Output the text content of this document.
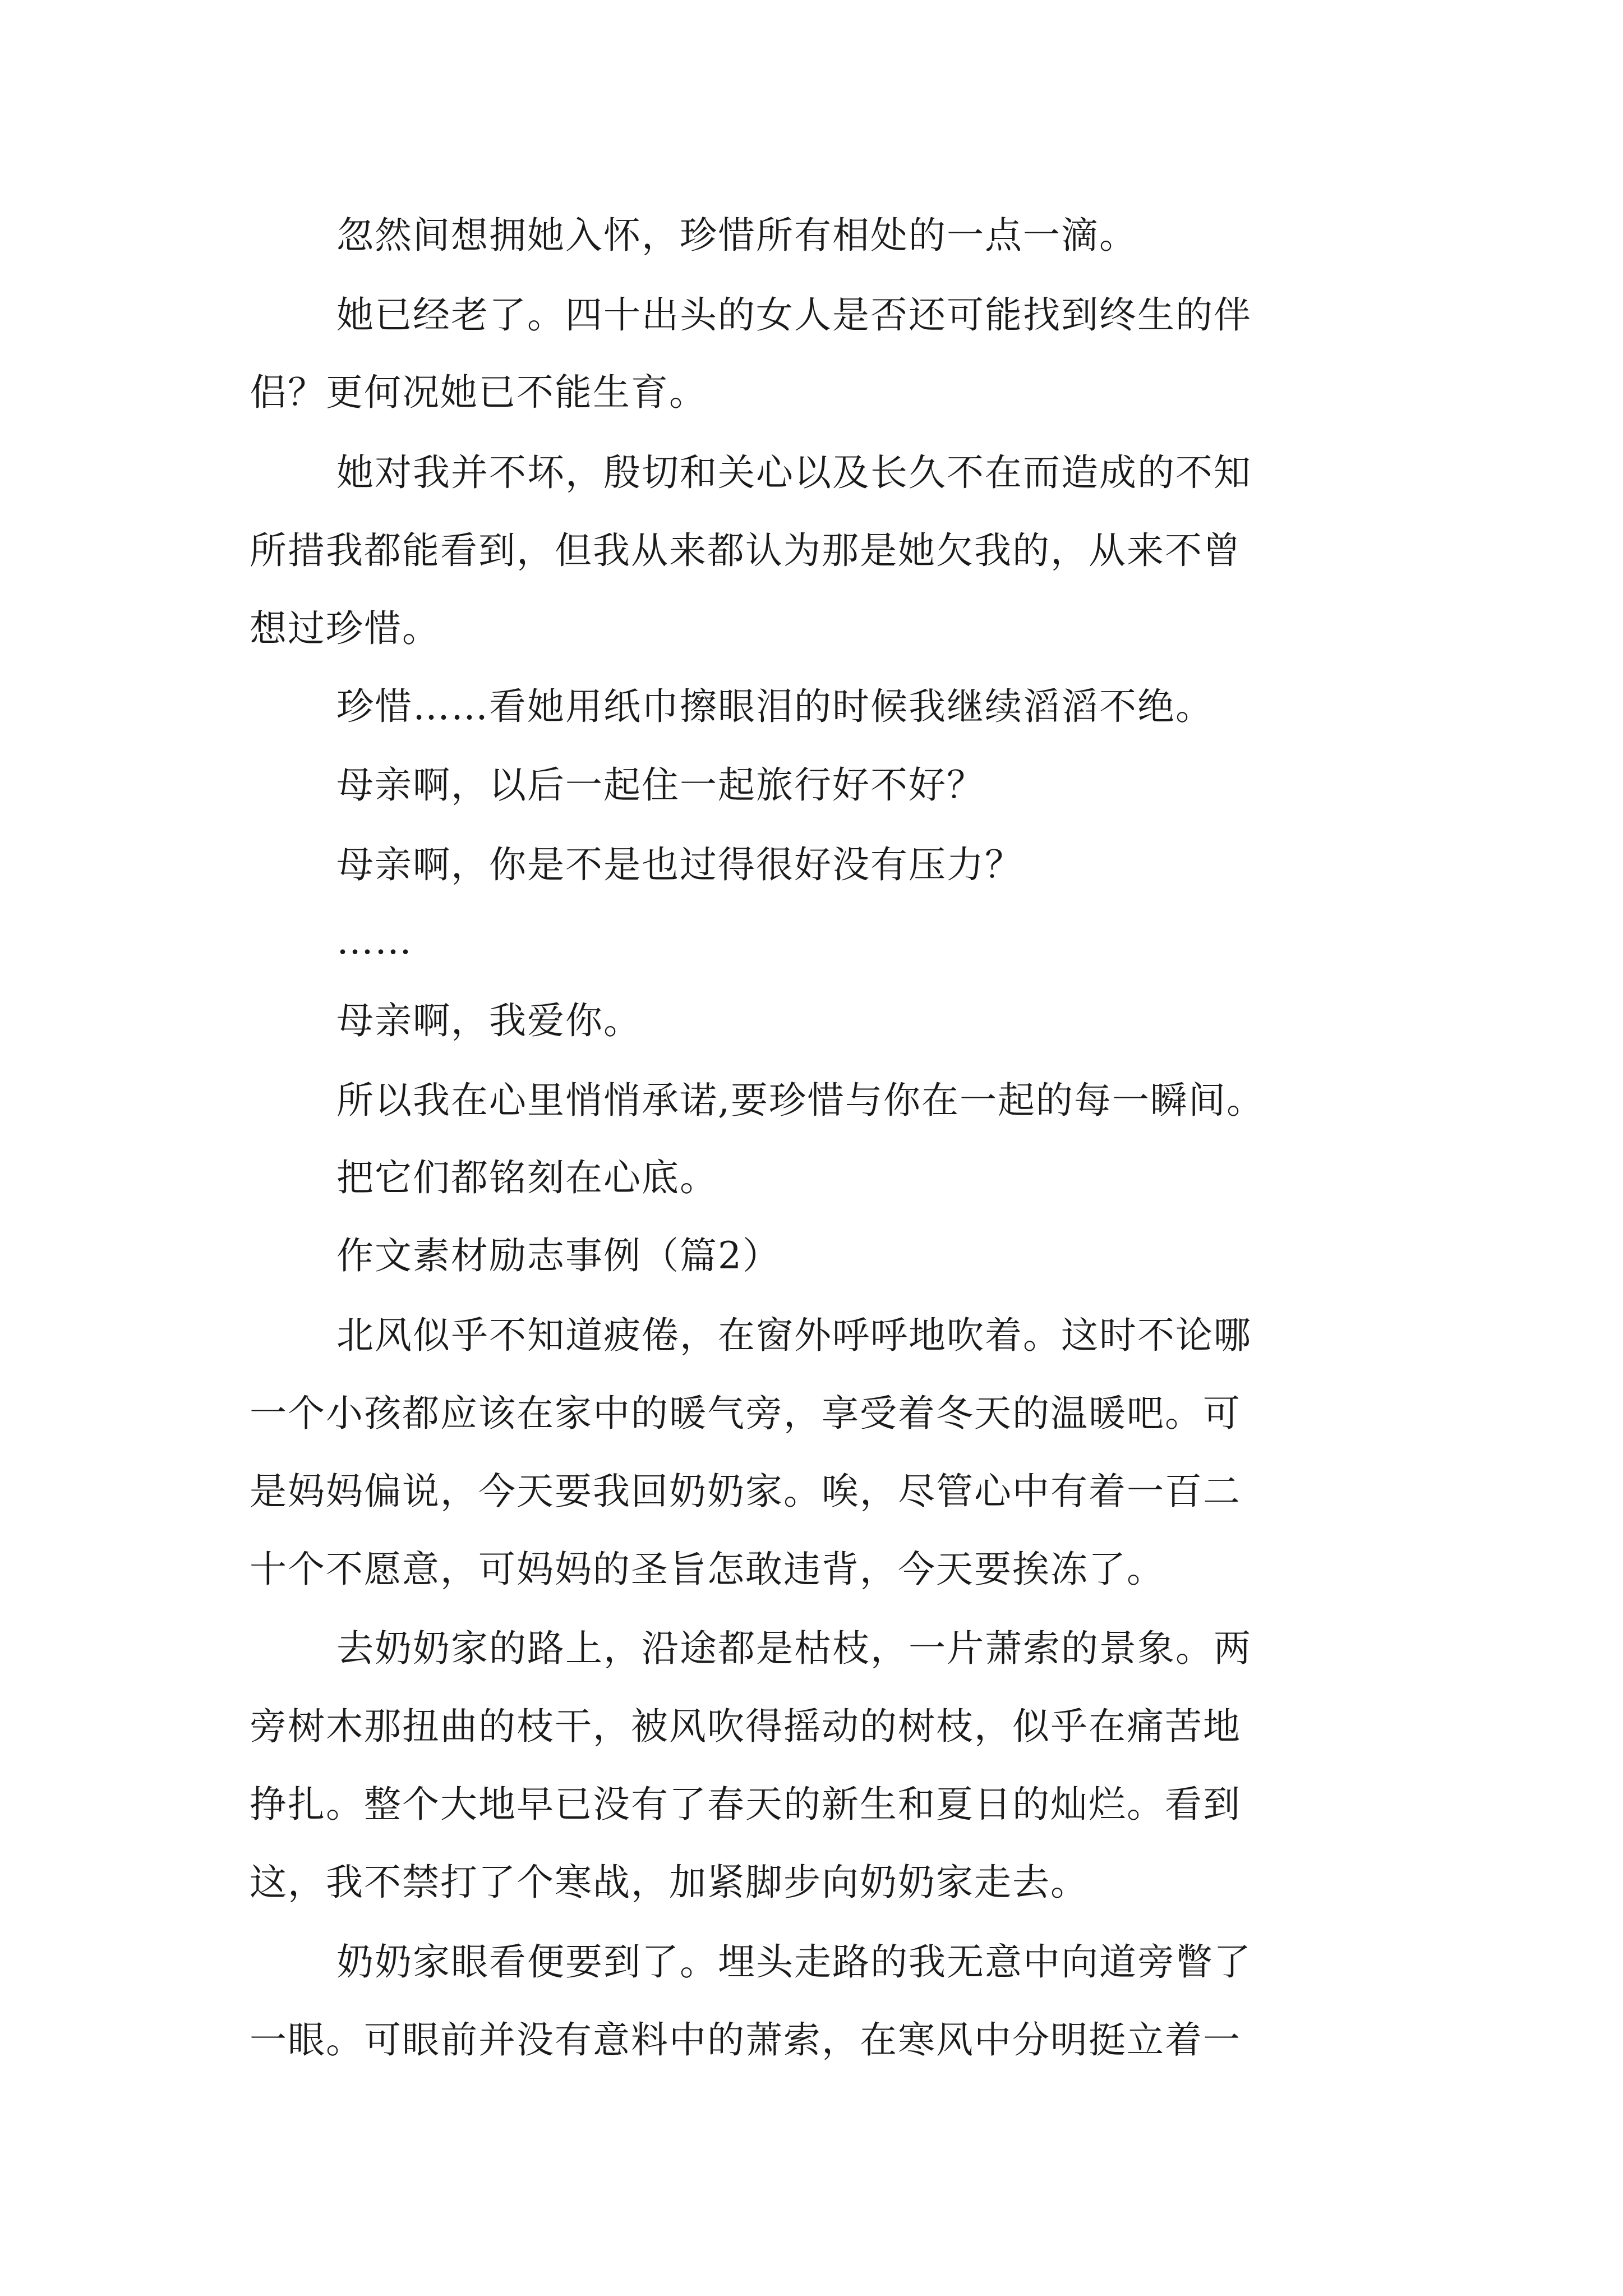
忽然间想拥她入怀，珍惜所有相处的一点一滴。

她已经老了。四十出头的女人是否还可能找到终生的伴

侣？更何况她已不能生育。

她对我并不坏，殷切和关心以及长久不在而造成的不知

所措我都能看到，但我从来都认为那是她欠我的，从来不曾

想过珍惜。

珍惜……看她用纸巾擦眼泪的时候我继续滔滔不绝。

母亲啊，以后一起住一起旅行好不好？

母亲啊，你是不是也过得很好没有压力？

……

母亲啊，我爱你。

所以我在心里悄悄承诺,要珍惜与你在一起的每一瞬间。

把它们都铭刻在心底。

作文素材励志事例（篇2）

北风似乎不知道疲倦，在窗外呼呼地吹着。这时不论哪

一个小孩都应该在家中的暖气旁，享受着冬天的温暖吧。可

是妈妈偏说，今天要我回奶奶家。唉，尽管心中有着一百二

十个不愿意，可妈妈的圣旨怎敢违背，今天要挨冻了。

去奶奶家的路上，沿途都是枯枝，一片萧索的景象。两

旁树木那扭曲的枝干，被风吹得摇动的树枝，似乎在痛苦地

挣扎。整个大地早已没有了春天的新生和夏日的灿烂。看到

这，我不禁打了个寒战，加紧脚步向奶奶家走去。

奶奶家眼看便要到了。埋头走路的我无意中向道旁瞥了

一眼。可眼前并没有意料中的萧索，在寒风中分明挺立着一
